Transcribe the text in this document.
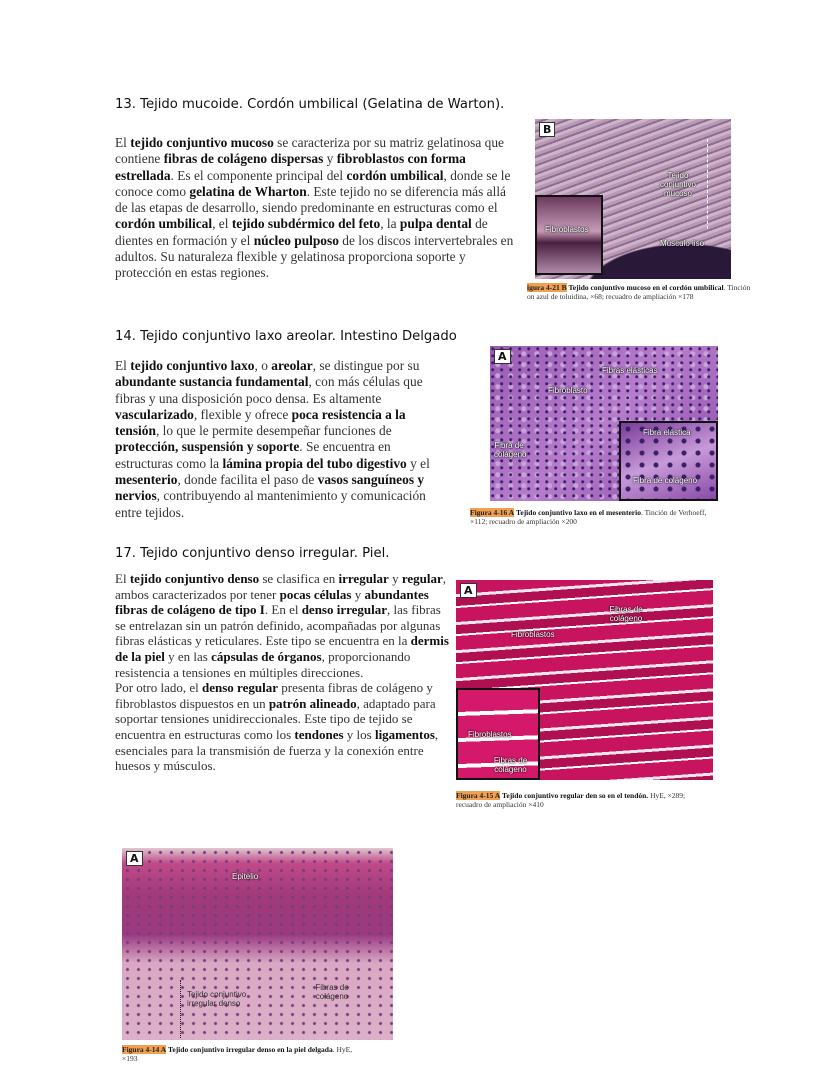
13. Tejido mucoide. Cordón umbilical (Gelatina de Warton).
El tejido conjuntivo mucoso se caracteriza por su matriz gelatinosa que contiene fibras de colágeno dispersas y fibroblastos con forma estrellada. Es el componente principal del cordón umbilical, donde se le conoce como gelatina de Wharton. Este tejido no se diferencia más allá de las etapas de desarrollo, siendo predominante en estructuras como el cordón umbilical, el tejido subdérmico del feto, la pulpa dental de dientes en formación y el núcleo pulposo de los discos intervertebrales en adultos. Su naturaleza flexible y gelatinosa proporciona soporte y protección en estas regiones.
14. Tejido conjuntivo laxo areolar. Intestino Delgado
El tejido conjuntivo laxo, o areolar, se distingue por su abundante sustancia fundamental, con más células que fibras y una disposición poco densa. Es altamente vascularizado, flexible y ofrece poca resistencia a la tensión, lo que le permite desempeñar funciones de protección, suspensión y soporte. Se encuentra en estructuras como la lámina propia del tubo digestivo y el mesenterio, donde facilita el paso de vasos sanguíneos y nervios, contribuyendo al mantenimiento y comunicación entre tejidos.
17. Tejido conjuntivo denso irregular. Piel.
El tejido conjuntivo denso se clasifica en irregular y regular, ambos caracterizados por tener pocas células y abundantes fibras de colágeno de tipo I. En el denso irregular, las fibras se entrelazan sin un patrón definido, acompañadas por algunas fibras elásticas y reticulares. Este tipo se encuentra en la dermis de la piel y en las cápsulas de órganos, proporcionando resistencia a tensiones en múltiples direcciones.
Por otro lado, el denso regular presenta fibras de colágeno y fibroblastos dispuestos en un patrón alineado, adaptado para soportar tensiones unidireccionales. Este tipo de tejido se encuentra en estructuras como los tendones y los ligamentos, esenciales para la transmisión de fuerza y la conexión entre huesos y músculos.
B
Tejido conjuntivo mucoso
Músculo liso
Fibroblastos
igura 4-21 B Tejido conjuntivo mucoso en el cordón umbilical. Tinción
on azul de toluidina, ×68; recuadro de ampliación ×178
A
Fibras elásticas
Fibroblasto
Fibra de colágeno
Fibra elástica
Fibra de colágeno
Figura 4-16 A Tejido conjuntivo laxo en el mesenterio. Tinción de Verhoeff,
×112; recuadro de ampliación ×200
A
Fibras de colágeno
Fibroblastos
Fibroblastos
Fibras de colágeno
Figura 4-15 A Tejido conjuntivo regular den so en el tendón. HyE, ×289;
recuadro de ampliación ×410
A
Epitelio
Tejido conjuntivo irregular denso
Fibras de colágeno
Figura 4-14 A Tejido conjuntivo irregular denso en la piel delgada. HyE,
×193
